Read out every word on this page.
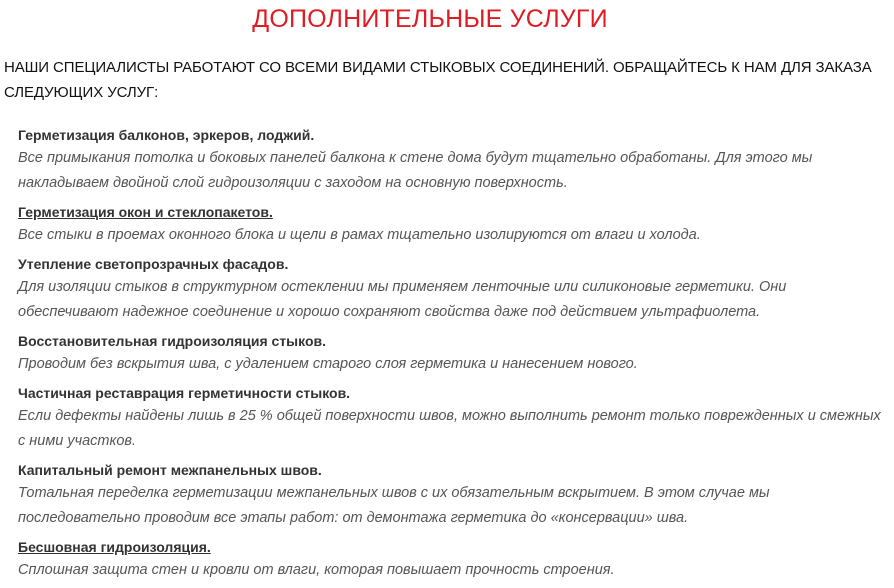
ДОПОЛНИТЕЛЬНЫЕ УСЛУГИ
НАШИ СПЕЦИАЛИСТЫ РАБОТАЮТ СО ВСЕМИ ВИДАМИ СТЫКОВЫХ СОЕДИНЕНИЙ. ОБРАЩАЙТЕСЬ К НАМ ДЛЯ ЗАКАЗА СЛЕДУЮЩИХ УСЛУГ:
Герметизация балконов, эркеров, лоджий.
Все примыкания потолка и боковых панелей балкона к стене дома будут тщательно обработаны. Для этого мы накладываем двойной слой гидроизоляции с заходом на основную поверхность.
Герметизация окон и стеклопакетов.
Все стыки в проемах оконного блока и щели в рамах тщательно изолируются от влаги и холода.
Утепление светопрозрачных фасадов.
Для изоляции стыков в структурном остеклении мы применяем ленточные или силиконовые герметики. Они обеспечивают надежное соединение и хорошо сохраняют свойства даже под действием ультрафиолета.
Восстановительная гидроизоляция стыков.
Проводим без вскрытия шва, с удалением старого слоя герметика и нанесением нового.
Частичная реставрация герметичности стыков.
Если дефекты найдены лишь в 25 % общей поверхности швов, можно выполнить ремонт только поврежденных и смежных с ними участков.
Капитальный ремонт межпанельных швов.
Тотальная переделка герметизации межпанельных швов с их обязательным вскрытием. В этом случае мы последовательно проводим все этапы работ: от демонтажа герметика до «консервации» шва.
Бесшовная гидроизоляция.
Сплошная защита стен и кровли от влаги, которая повышает прочность строения.
